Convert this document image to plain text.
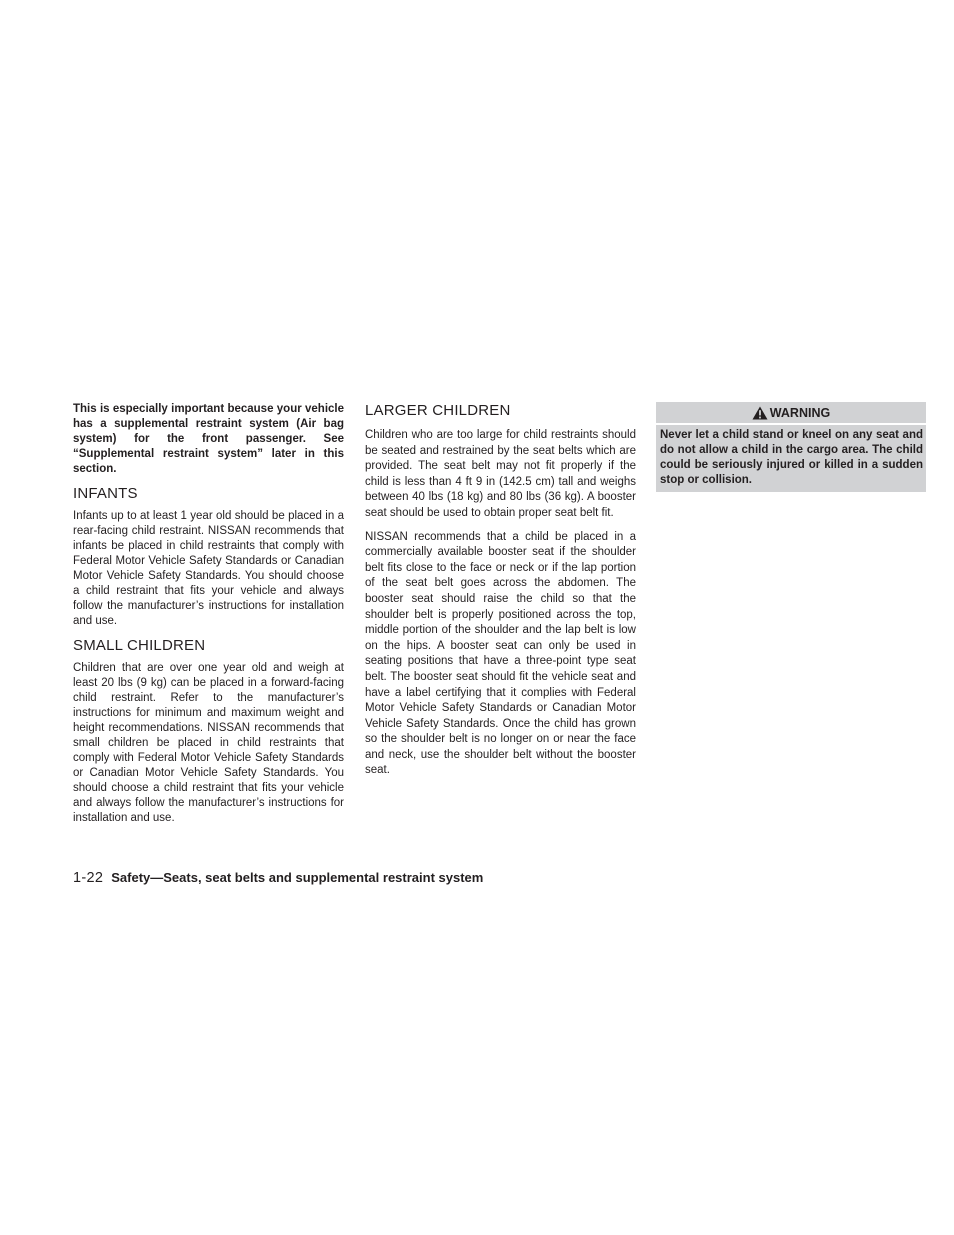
This is especially important because your vehicle has a supplemental restraint system (Air bag system) for the front passenger. See “Supplemental restraint system” later in this section.

INFANTS

Infants up to at least 1 year old should be placed in a rear-facing child restraint. NISSAN recommends that infants be placed in child restraints that comply with Federal Motor Vehicle Safety Standards or Canadian Motor Vehicle Safety Standards. You should choose a child restraint that fits your vehicle and always follow the manufacturer’s instructions for installation and use.

SMALL CHILDREN

Children that are over one year old and weigh at least 20 lbs (9 kg) can be placed in a forward-facing child restraint. Refer to the manufacturer’s instructions for minimum and maximum weight and height recommendations. NISSAN recommends that small children be placed in child restraints that comply with Federal Motor Vehicle Safety Standards or Canadian Motor Vehicle Safety Standards. You should choose a child restraint that fits your vehicle and always follow the manufacturer’s instructions for installation and use.

LARGER CHILDREN

Children who are too large for child restraints should be seated and restrained by the seat belts which are provided. The seat belt may not fit properly if the child is less than 4 ft 9 in (142.5 cm) tall and weighs between 40 lbs (18 kg) and 80 lbs (36 kg). A booster seat should be used to obtain proper seat belt fit.

NISSAN recommends that a child be placed in a commercially available booster seat if the shoulder belt fits close to the face or neck or if the lap portion of the seat belt goes across the abdomen. The booster seat should raise the child so that the shoulder belt is properly positioned across the top, middle portion of the shoulder and the lap belt is low on the hips. A booster seat can only be used in seating positions that have a three-point type seat belt. The booster seat should fit the vehicle seat and have a label certifying that it complies with Federal Motor Vehicle Safety Standards or Canadian Motor Vehicle Safety Standards. Once the child has grown so the shoulder belt is no longer on or near the face and neck, use the shoulder belt without the booster seat.

WARNING

Never let a child stand or kneel on any seat and do not allow a child in the cargo area. The child could be seriously injured or killed in a sudden stop or collision.

1-22 Safety—Seats, seat belts and supplemental restraint system
